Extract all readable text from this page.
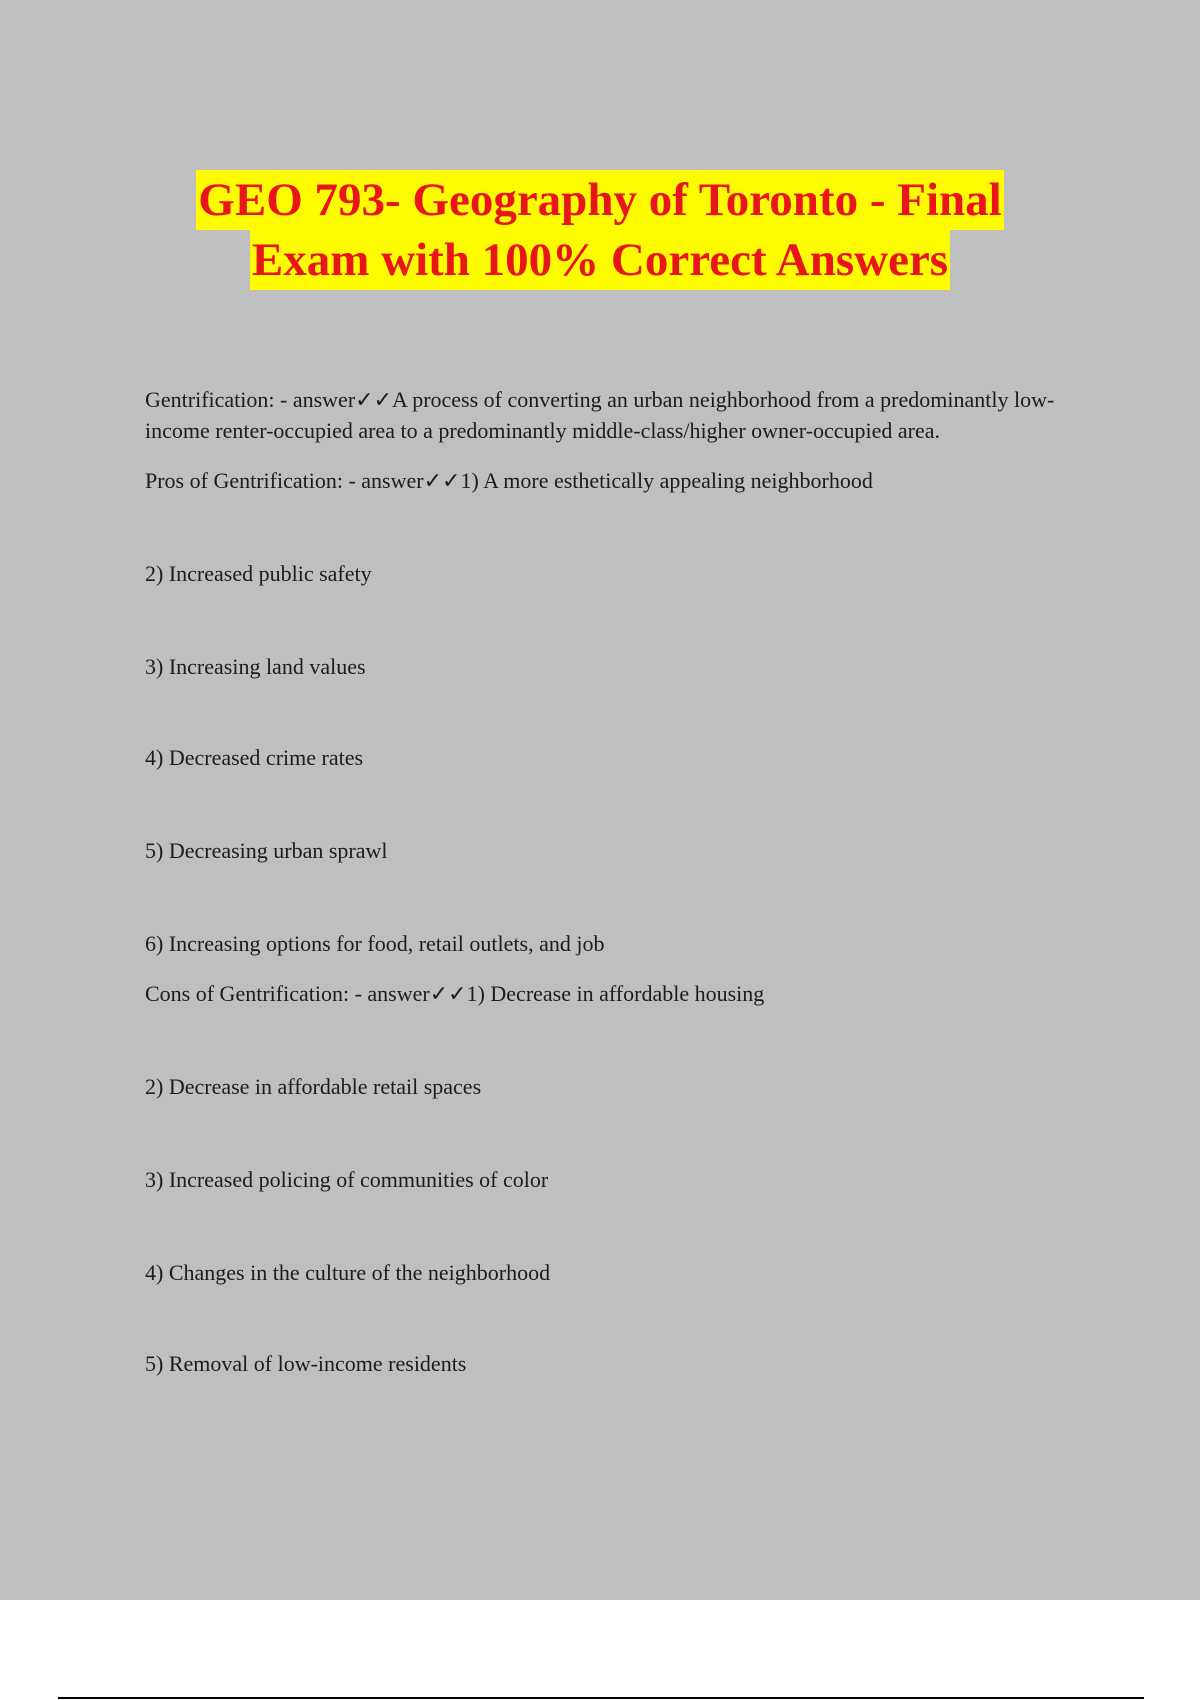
GEO 793- Geography of Toronto - Final
Exam with 100% Correct Answers

Gentrification: - answer✓✓A process of converting an urban neighborhood from a predominantly low-income renter-occupied area to a predominantly middle-class/higher owner-occupied area.

Pros of Gentrification: - answer✓✓1) A more esthetically appealing neighborhood

2) Increased public safety

3) Increasing land values

4) Decreased crime rates

5) Decreasing urban sprawl

6) Increasing options for food, retail outlets, and job

Cons of Gentrification: - answer✓✓1) Decrease in affordable housing

2) Decrease in affordable retail spaces

3) Increased policing of communities of color

4) Changes in the culture of the neighborhood

5) Removal of low-income residents
